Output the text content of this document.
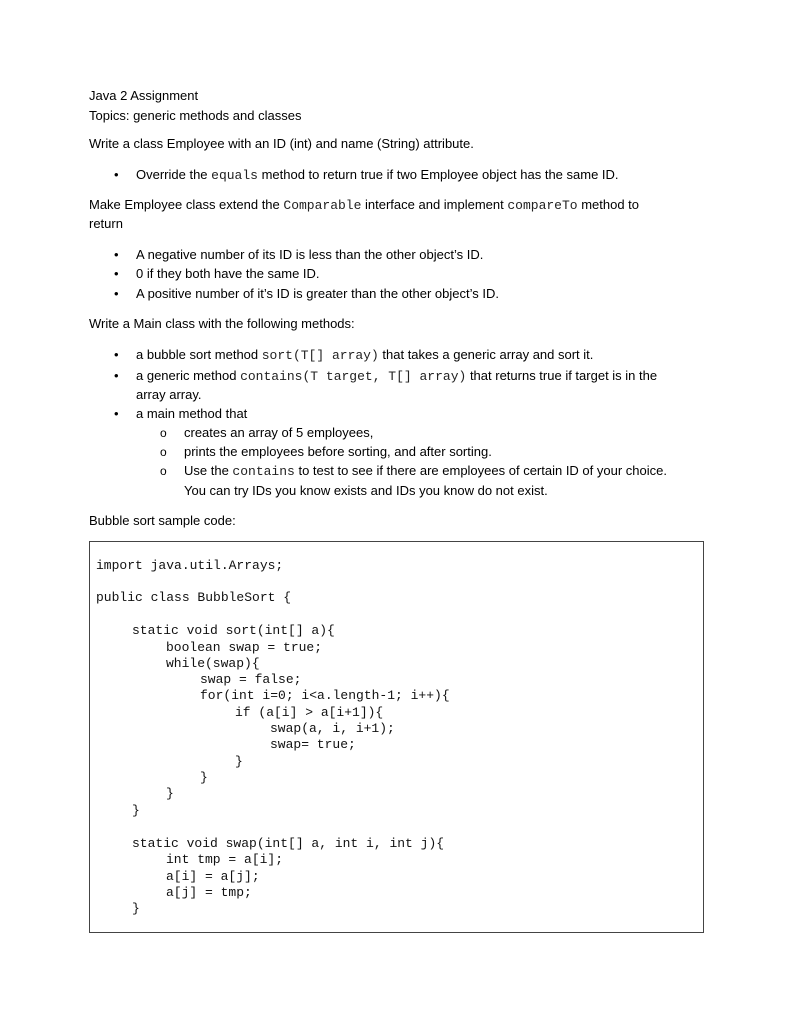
Java 2 Assignment
Topics: generic methods and classes
Write a class Employee with an ID (int) and name (String) attribute.
• Override the equals method to return true if two Employee object has the same ID.
Make Employee class extend the Comparable interface and implement compareTo method to
return
• A negative number of its ID is less than the other object’s ID.
• 0 if they both have the same ID.
• A positive number of it’s ID is greater than the other object’s ID.
Write a Main class with the following methods:
• a bubble sort method sort(T[] array) that takes a generic array and sort it.
• a generic method contains(T target, T[] array) that returns true if target is in the
array array.
• a main method that
o creates an array of 5 employees,
o prints the employees before sorting, and after sorting.
o Use the contains to test to see if there are employees of certain ID of your choice.
You can try IDs you know exists and IDs you know do not exist.
Bubble sort sample code:
import java.util.Arrays;
public class BubbleSort {
static void sort(int[] a){
boolean swap = true;
while(swap){
swap = false;
for(int i=0; i<a.length-1; i++){
if (a[i] > a[i+1]){
swap(a, i, i+1);
swap= true;
}
}
}
}
static void swap(int[] a, int i, int j){
int tmp = a[i];
a[i] = a[j];
a[j] = tmp;
}
